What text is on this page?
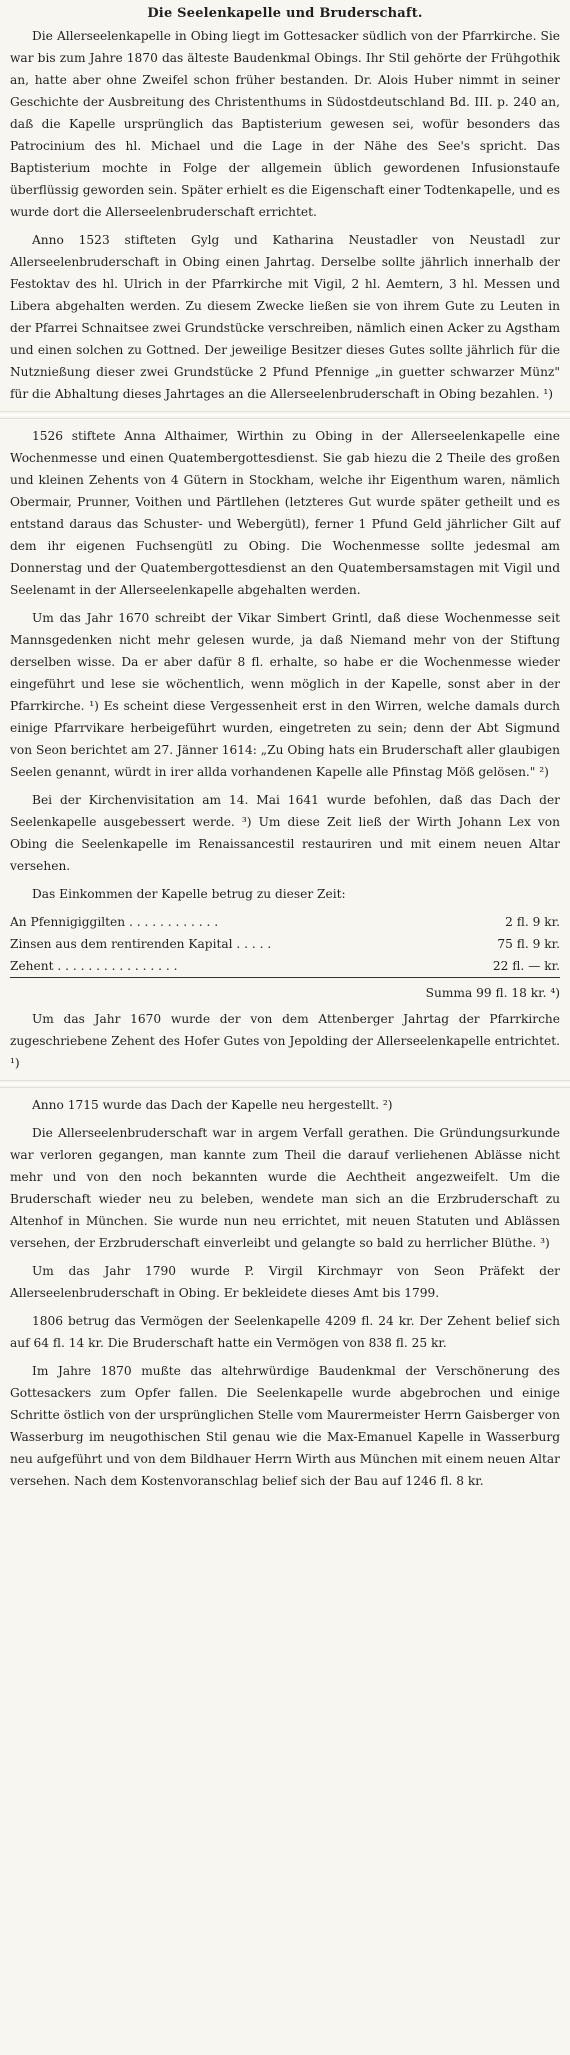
Die Seelenkapelle und Bruderschaft.

Die Allerseelenkapelle in Obing liegt im Gottesacker südlich von der Pfarrkirche. Sie war bis zum Jahre 1870 das älteste Baudenkmal Obings. Ihr Stil gehörte der Frühgothik an, hatte aber ohne Zweifel schon früher bestanden. Dr. Alois Huber nimmt in seiner Geschichte der Ausbreitung des Christenthums in Südostdeutschland Bd. III. p. 240 an, daß die Kapelle ursprünglich das Baptisterium gewesen sei, wofür besonders das Patrocinium des hl. Michael und die Lage in der Nähe des See's spricht. Das Baptisterium mochte in Folge der allgemein üblich gewordenen Infusionstaufe überflüssig geworden sein. Später erhielt es die Eigenschaft einer Todtenkapelle, und es wurde dort die Allerseelenbruderschaft errichtet.

Anno 1523 stifteten Gylg und Katharina Neustadler von Neustadl zur Allerseelenbruderschaft in Obing einen Jahrtag. Derselbe sollte jährlich innerhalb der Festoktav des hl. Ulrich in der Pfarrkirche mit Vigil, 2 hl. Aemtern, 3 hl. Messen und Libera abgehalten werden. Zu diesem Zwecke ließen sie von ihrem Gute zu Leuten in der Pfarrei Schnaitsee zwei Grundstücke verschreiben, nämlich einen Acker zu Agstham und einen solchen zu Gottned. Der jeweilige Besitzer dieses Gutes sollte jährlich für die Nutznießung dieser zwei Grundstücke 2 Pfund Pfennige „in guetter schwarzer Münz" für die Abhaltung dieses Jahrtages an die Allerseelenbruderschaft in Obing bezahlen. ¹)

1526 stiftete Anna Althaimer, Wirthin zu Obing in der Allerseelenkapelle eine Wochenmesse und einen Quatembergottesdienst. Sie gab hiezu die 2 Theile des großen und kleinen Zehents von 4 Gütern in Stockham, welche ihr Eigenthum waren, nämlich Obermair, Prunner, Voithen und Pärtllehen (letzteres Gut wurde später getheilt und es entstand daraus das Schuster- und Webergütl), ferner 1 Pfund Geld jährlicher Gilt auf dem ihr eigenen Fuchsengütl zu Obing. Die Wochenmesse sollte jedesmal am Donnerstag und der Quatembergottesdienst an den Quatembersamstagen mit Vigil und Seelenamt in der Allerseelenkapelle abgehalten werden.

Um das Jahr 1670 schreibt der Vikar Simbert Grintl, daß diese Wochenmesse seit Mannsgedenken nicht mehr gelesen wurde, ja daß Niemand mehr von der Stiftung derselben wisse. Da er aber dafür 8 fl. erhalte, so habe er die Wochenmesse wieder eingeführt und lese sie wöchentlich, wenn möglich in der Kapelle, sonst aber in der Pfarrkirche. ¹) Es scheint diese Vergessenheit erst in den Wirren, welche damals durch einige Pfarrvikare herbeigeführt wurden, eingetreten zu sein; denn der Abt Sigmund von Seon berichtet am 27. Jänner 1614: „Zu Obing hats ein Bruderschaft aller glaubigen Seelen genannt, würdt in irer allda vorhandenen Kapelle alle Pfinstag Möß gelösen." ²)

Bei der Kirchenvisitation am 14. Mai 1641 wurde befohlen, daß das Dach der Seelenkapelle ausgebessert werde. ³) Um diese Zeit ließ der Wirth Johann Lex von Obing die Seelenkapelle im Renaissancestil restauriren und mit einem neuen Altar versehen.

Das Einkommen der Kapelle betrug zu dieser Zeit:

An Pfennigiggilten . . . . . . . . . . . .	2 fl. 9 kr.
Zinsen aus dem rentirenden Kapital . . . . .	75 fl. 9 kr.
Zehent . . . . . . . . . . . . . . . .	22 fl. — kr.

Summa 99 fl. 18 kr. ⁴)

Um das Jahr 1670 wurde der von dem Attenberger Jahrtag der Pfarrkirche zugeschriebene Zehent des Hofer Gutes von Jepolding der Allerseelenkapelle entrichtet. ¹)

Anno 1715 wurde das Dach der Kapelle neu hergestellt. ²)

Die Allerseelenbruderschaft war in argem Verfall gerathen. Die Gründungsurkunde war verloren gegangen, man kannte zum Theil die darauf verliehenen Ablässe nicht mehr und von den noch bekannten wurde die Aechtheit angezweifelt. Um die Bruderschaft wieder neu zu beleben, wendete man sich an die Erzbruderschaft zu Altenhof in München. Sie wurde nun neu errichtet, mit neuen Statuten und Ablässen versehen, der Erzbruderschaft einverleibt und gelangte so bald zu herrlicher Blüthe. ³)

Um das Jahr 1790 wurde P. Virgil Kirchmayr von Seon Präfekt der Allerseelenbruderschaft in Obing. Er bekleidete dieses Amt bis 1799.

1806 betrug das Vermögen der Seelenkapelle 4209 fl. 24 kr. Der Zehent belief sich auf 64 fl. 14 kr. Die Bruderschaft hatte ein Vermögen von 838 fl. 25 kr.

Im Jahre 1870 mußte das altehrwürdige Baudenkmal der Verschönerung des Gottesackers zum Opfer fallen. Die Seelenkapelle wurde abgebrochen und einige Schritte östlich von der ursprünglichen Stelle vom Maurermeister Herrn Gaisberger von Wasserburg im neugothischen Stil genau wie die Max-Emanuel Kapelle in Wasserburg neu aufgeführt und von dem Bildhauer Herrn Wirth aus München mit einem neuen Altar versehen. Nach dem Kostenvoranschlag belief sich der Bau auf 1246 fl. 8 kr.
